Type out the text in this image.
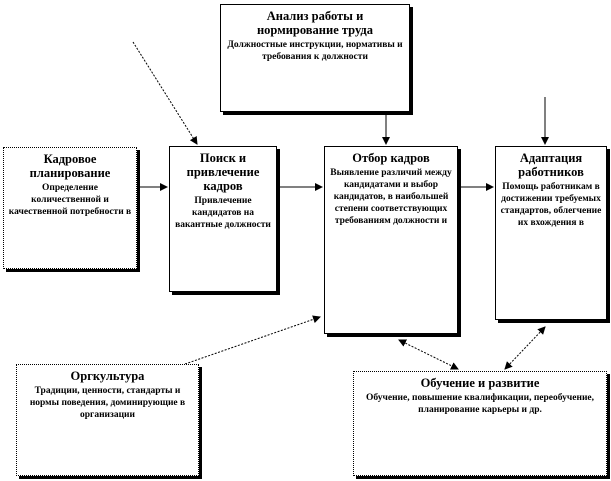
Анализ работы и нормирование труда
Должностные инструкции, нормативы и требования к должности
Кадровое планирование
Определение количественной и качественной потребности в
Поиск и привлечение кадров
Привлечение кандидатов на вакантные должности
Отбор кадров
Выявление различий между кандидатами и выбор кандидатов, в наибольшей степени соответствующих требованиям должности и
Адаптация работников
Помощь работникам в достижении требуемых стандартов, облегчение их вхождения в
Оргкультура
Традиции, ценности, стандарты и нормы поведения, доминирующие в организации
Обучение и развитие
Обучение, повышение квалификации, переобучение, планирование карьеры и др.
